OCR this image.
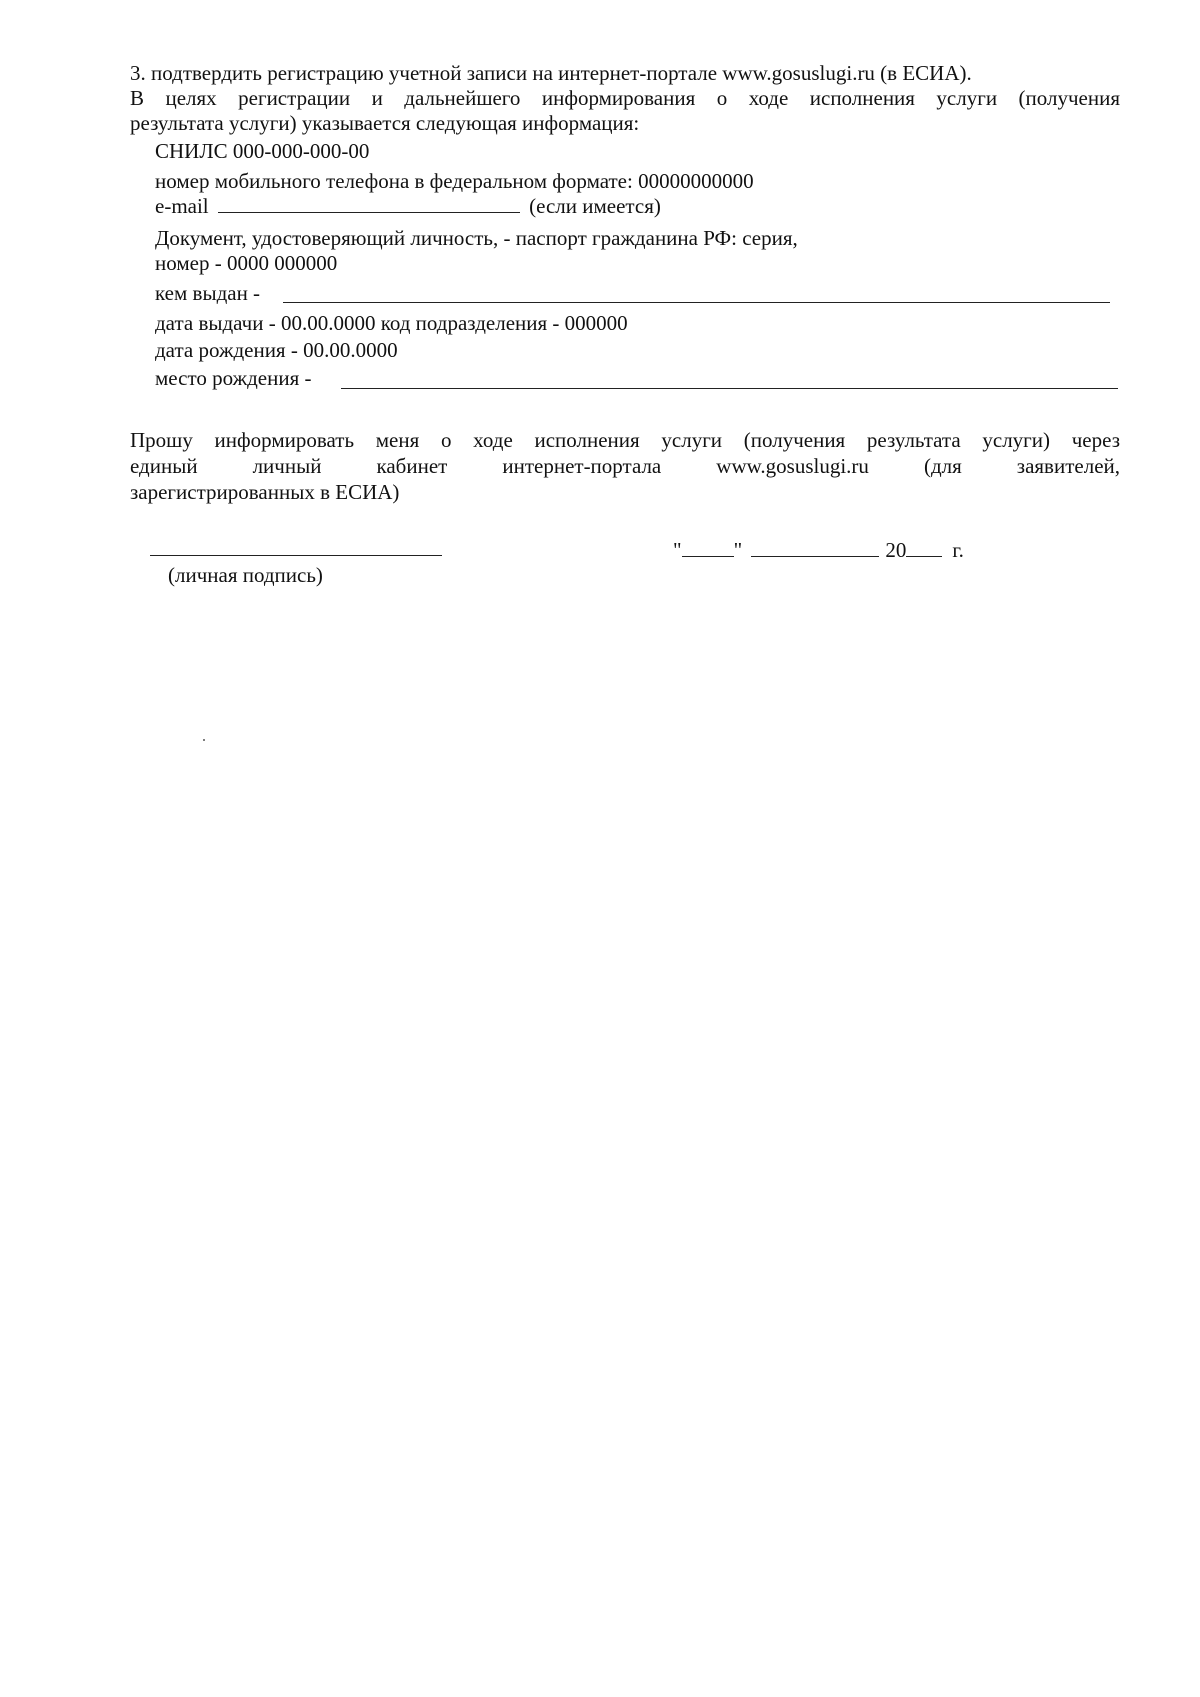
3. подтвердить регистрацию учетной записи на интернет-портале www.gosuslugi.ru (в ЕСИА).
В целях регистрации и дальнейшего информирования о ходе исполнения услуги (получения
результата услуги) указывается следующая информация:
СНИЛС 000-000-000-00
номер мобильного телефона в федеральном формате: 00000000000
e-mail	(если имеется)
Документ, удостоверяющий личность, - паспорт гражданина РФ: серия,
номер - 0000 000000
кем выдан -
дата выдачи - 00.00.0000 код подразделения - 000000
дата рождения - 00.00.0000
место рождения -
Прошу информировать меня о ходе исполнения услуги (получения результата услуги) через
единый личный кабинет интернет-портала www.gosuslugi.ru (для заявителей,
зарегистрированных в ЕСИА)
(личная подпись)
" "	20 г.
